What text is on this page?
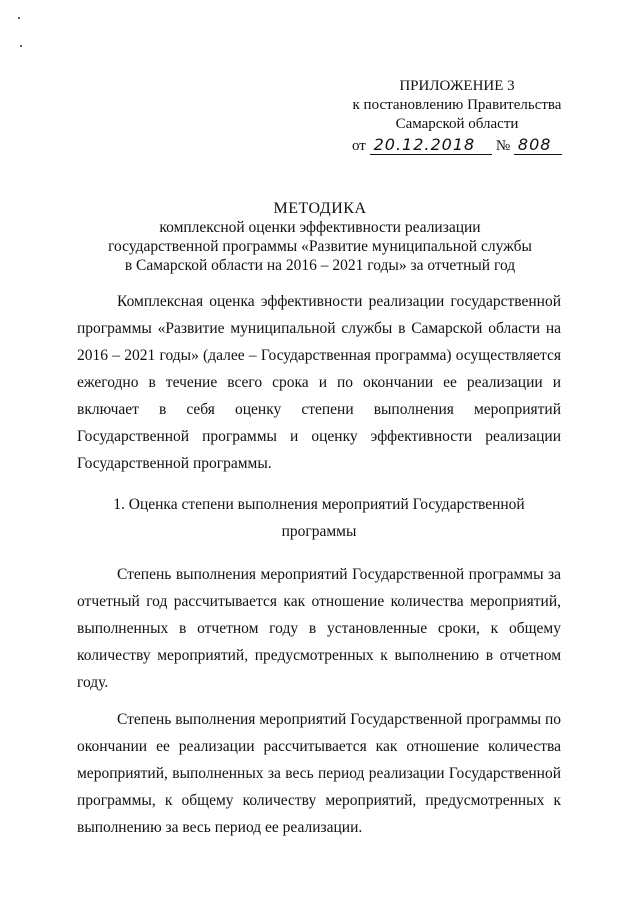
ПРИЛОЖЕНИЕ 3
к постановлению Правительства
Самарской области
от
20.12.2018
	№
808
МЕТОДИКА
комплексной оценки эффективности реализации
государственной программы «Развитие муниципальной службы
в Самарской области на 2016 – 2021 годы» за отчетный год

Комплексная оценка эффективности реализации государственной программы «Развитие муниципальной службы в Самарской области на 2016 – 2021 годы» (далее – Государственная программа) осуществляется ежегодно в течение всего срока и по окончании ее реализации и включает в себя оценку степени выполнения мероприятий Государственной программы и оценку эффективности реализации Государственной программы.

1. Оценка степени выполнения мероприятий Государственной программы

Степень выполнения мероприятий Государственной программы за отчетный год рассчитывается как отношение количества мероприятий, выполненных в отчетном году в установленные сроки, к общему количеству мероприятий, предусмотренных к выполнению в отчетном году.

Степень выполнения мероприятий Государственной программы по окончании ее реализации рассчитывается как отношение количества мероприятий, выполненных за весь период реализации Государственной программы, к общему количеству мероприятий, предусмотренных к выполнению за весь период ее реализации.
